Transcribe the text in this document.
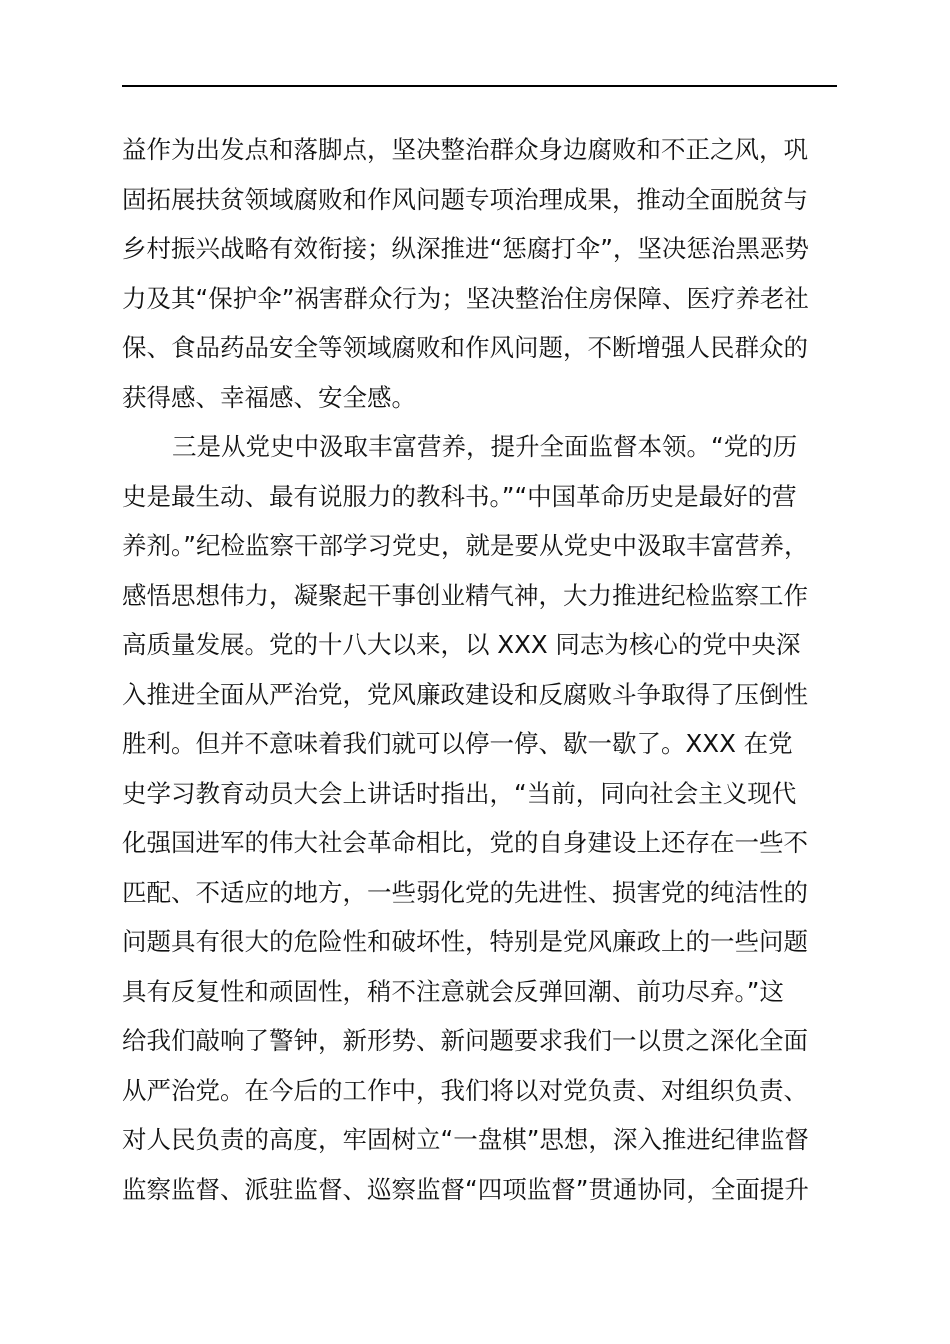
益作为出发点和落脚点，坚决整治群众身边腐败和不正之风，巩
固拓展扶贫领域腐败和作风问题专项治理成果，推动全面脱贫与
乡村振兴战略有效衔接；纵深推进“惩腐打伞”，坚决惩治黑恶势
力及其“保护伞”祸害群众行为；坚决整治住房保障、医疗养老社
保、食品药品安全等领域腐败和作风问题，不断增强人民群众的
获得感、幸福感、安全感。
三是从党史中汲取丰富营养，提升全面监督本领。“党的历
史是最生动、最有说服力的教科书。”“中国革命历史是最好的营
养剂。”纪检监察干部学习党史，就是要从党史中汲取丰富营养，
感悟思想伟力，凝聚起干事创业精气神，大力推进纪检监察工作
高质量发展。党的十八大以来，以 XXX 同志为核心的党中央深
入推进全面从严治党，党风廉政建设和反腐败斗争取得了压倒性
胜利。但并不意味着我们就可以停一停、歇一歇了。XXX 在党
史学习教育动员大会上讲话时指出，“当前，同向社会主义现代
化强国进军的伟大社会革命相比，党的自身建设上还存在一些不
匹配、不适应的地方，一些弱化党的先进性、损害党的纯洁性的
问题具有很大的危险性和破坏性，特别是党风廉政上的一些问题
具有反复性和顽固性，稍不注意就会反弹回潮、前功尽弃。”这
给我们敲响了警钟，新形势、新问题要求我们一以贯之深化全面
从严治党。在今后的工作中，我们将以对党负责、对组织负责、
对人民负责的高度，牢固树立“一盘棋”思想，深入推进纪律监督
监察监督、派驻监督、巡察监督“四项监督”贯通协同，全面提升
